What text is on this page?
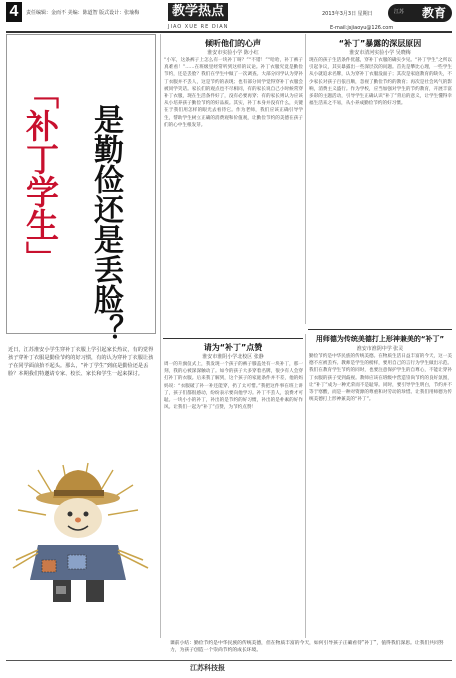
4	责任编辑：金而不 美编：陈道智 版式设计：张瑜梅	教学热点
JIAO XUE RE DIAN
2013年3月3日 星期日	教育
江苏
E-mail:jsjiaoyu@126.com
「补丁学生」 是勤俭还是丢脸？
近日，江苏淮安小学生穿补丁衣服上学引起家长热议，有的觉得孩子穿补丁衣服是勤俭节约的好习惯，有的认为穿补丁衣服让孩子在同学面前抬不起头。那么，“补丁学生”到底是勤俭还是丢脸？本期我们特邀请专家、校长、家长和学生一起来探讨。
倾听他们的心声
淮安市实验小学 陈小红
“小军，这条裤子上怎么有一块补丁呀？”“不错！”“哈哈，补丁裤子真难看！”……在班级里经常听到这样的议论。补丁衣服究竟是勤俭节约，还是丢脸？我们在学生中做了一次调查。大部分同学认为穿补丁衣服并不丢人，这是节约的表现；也有部分同学觉得穿补丁衣服会被同学笑话。家长们的观点也不尽相同，有的家长说自己小时候常穿补丁衣服，现在生活条件好了，没有必要再穿；有的家长则认为应该从小培养孩子勤俭节约的好品质。其实，补丁本身并没有什么，关键在于我们用怎样的眼光去看待它。作为老师，我们应该正确引导学生，帮助学生树立正确的消费观和价值观，让勤俭节约的美德在孩子们的心中生根发芽。
请为“补丁”点赞
淮安市淮阴小学北校区 张静
周一的升旗仪式上，我发现一个孩子的裤子膝盖处有一块补丁，那一刻，我的心被深深触动了。如今的孩子大多穿着名牌，很少有人会穿打补丁的衣服。后来我了解到，这个孩子的家庭条件并不差，他的妈妈说：“衣服破了补一补还能穿，扔了太可惜。”我把这件事在班上讲了，孩子们都很感动，纷纷表示要向他学习。补丁不丢人，浪费才可耻。一块小小的补丁，补出的是节约的好习惯，补出的是朴素的好作风。让我们一起为“补丁”点赞，为节约点赞！
“补丁”暴露的深层原因
淮安市清河实验小学 吴晓梅
现在的孩子生活条件优越，穿补丁衣服的确实少见。“补丁学生”之所以引起争议，其实暴露出一些深层次的问题。首先是攀比心理，一些学生从小就追求名牌，认为穿补丁衣服没面子；其次是家庭教育的缺失，不少家长对孩子百依百顺，忽视了勤俭节约的教育；再次是社会风气的影响，消费主义盛行。作为学校，应当加强对学生的节约教育，开展丰富多彩的主题活动，引导学生正确认识“补丁”背后的意义，让学生懂得幸福生活来之不易，从小养成勤俭节约的好习惯。
用师德为传统美德打上形神兼美的“补丁”
淮安市淮阴中学 张灵
勤俭节约是中华民族的传统美德。在物质生活日益丰富的今天，这一美德不应被丢弃。教师是学生的榜样，要用自己的言行为学生做出示范。我们在教育学生节约的同时，也要注意保护学生的自尊心，不能让穿补丁衣服的孩子受到歧视。教师应该在班级中营造崇尚节约的良好氛围，让“补丁”成为一种光荣而不是耻辱。同时，要引导学生明白，节约并不等于寒酸，而是一种对资源的尊重和对劳动的珍惜。让我们用师德为传统美德打上形神兼美的“补丁”。
课前小结：勤俭节约是中华民族的传统美德，但在物质丰富的今天，如何引导孩子正确看待“补丁”，值得我们深思。让我们共同努力，为孩子创造一个崇尚节约的成长环境。
江苏科技报
